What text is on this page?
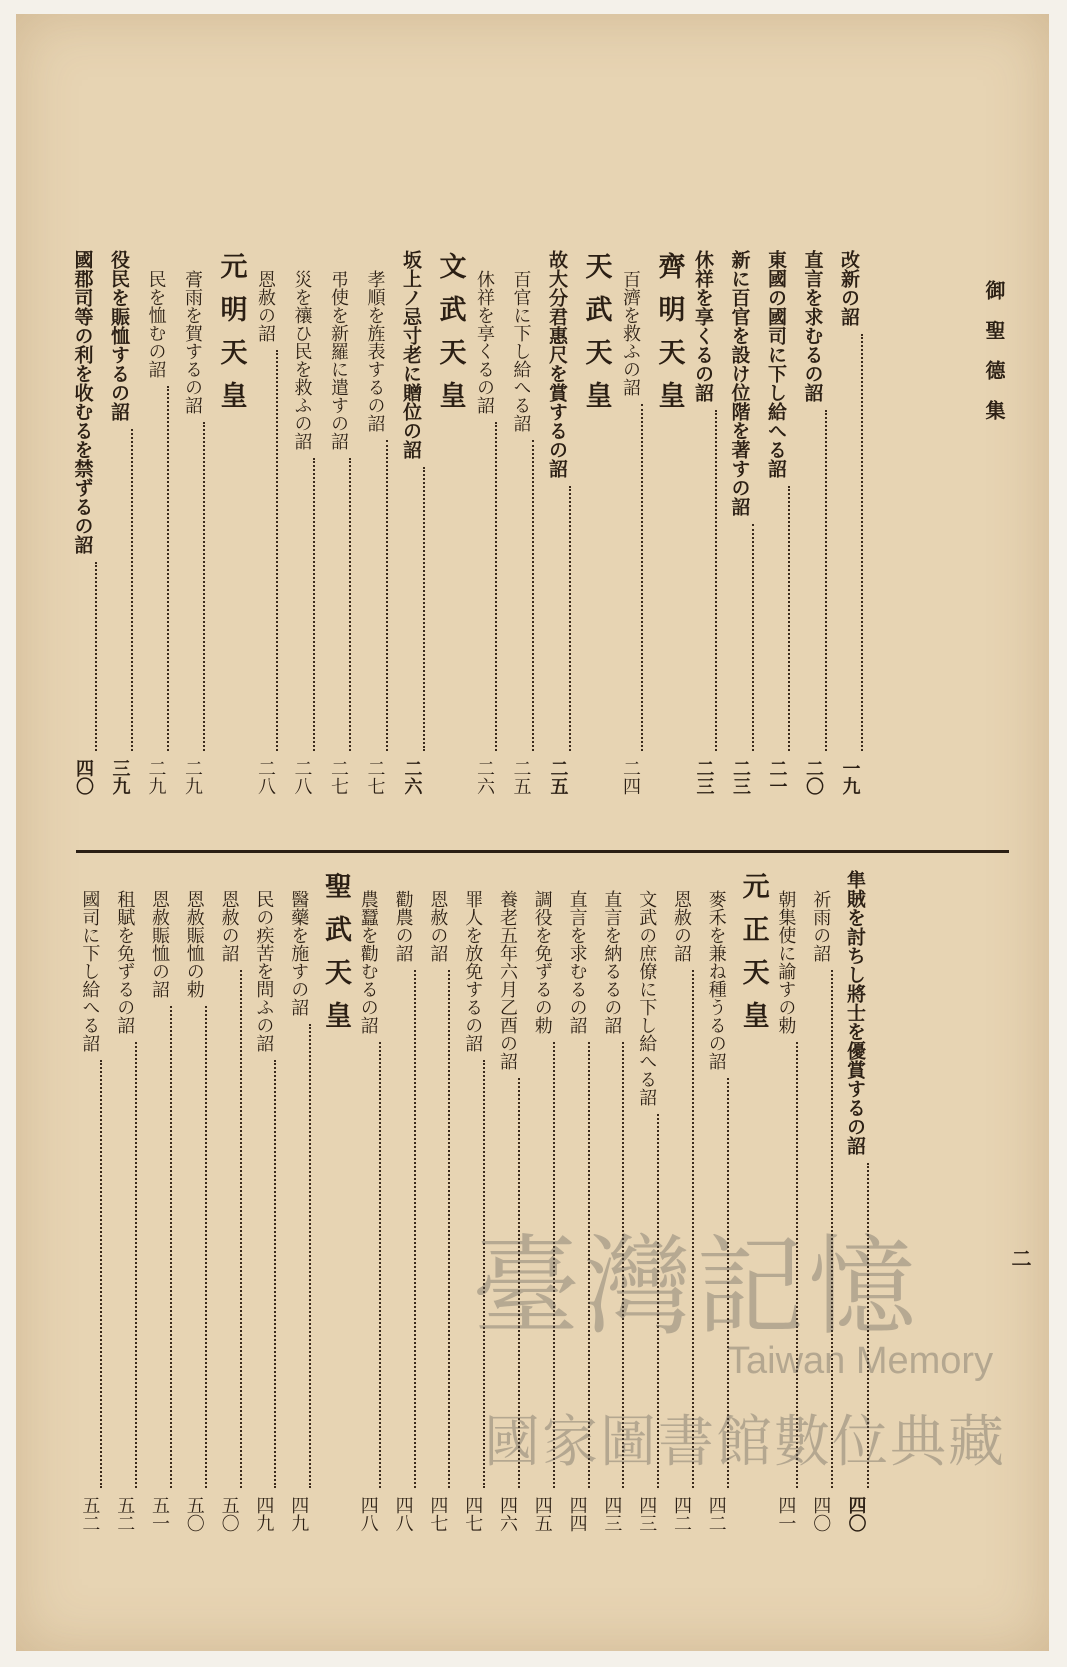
御聖德集
二
改新の詔
一九
直言を求むるの詔
二〇
東國の國司に下し給へる詔
二一
新に百官を設け位階を著すの詔
二三
休祥を享くるの詔
二三
齊明天皇
百濟を救ふの詔
二四
天武天皇
故大分君惠尺を賞するの詔
二五
百官に下し給へる詔
二五
休祥を享くるの詔
二六
文武天皇
坂上ノ忌寸老に贈位の詔
二六
孝順を旌表するの詔
二七
弔使を新羅に遣すの詔
二七
災を禳ひ民を救ふの詔
二八
恩赦の詔
二八
元明天皇
膏雨を賀するの詔
二九
民を恤むの詔
二九
役民を賑恤するの詔
三九
國郡司等の利を收むるを禁ずるの詔
四〇
隼賊を討ちし將士を優賞するの詔
四〇
祈雨の詔
四〇
朝集使に諭すの勅
四一
元正天皇
麥禾を兼ね種うるの詔
四二
恩赦の詔
四二
文武の庶僚に下し給へる詔
四三
直言を納るるの詔
四三
直言を求むるの詔
四四
調役を免ずるの勅
四五
養老五年六月乙酉の詔
四六
罪人を放免するの詔
四七
恩赦の詔
四七
勸農の詔
四八
農蠶を勸むるの詔
四八
聖武天皇
醫藥を施すの詔
四九
民の疾苦を問ふの詔
四九
恩赦の詔
五〇
恩赦賑恤の勅
五〇
恩赦賑恤の詔
五一
租賦を免ずるの詔
五二
國司に下し給へる詔
五二
臺灣記憶
Taiwan Memory
國家圖書館數位典藏
